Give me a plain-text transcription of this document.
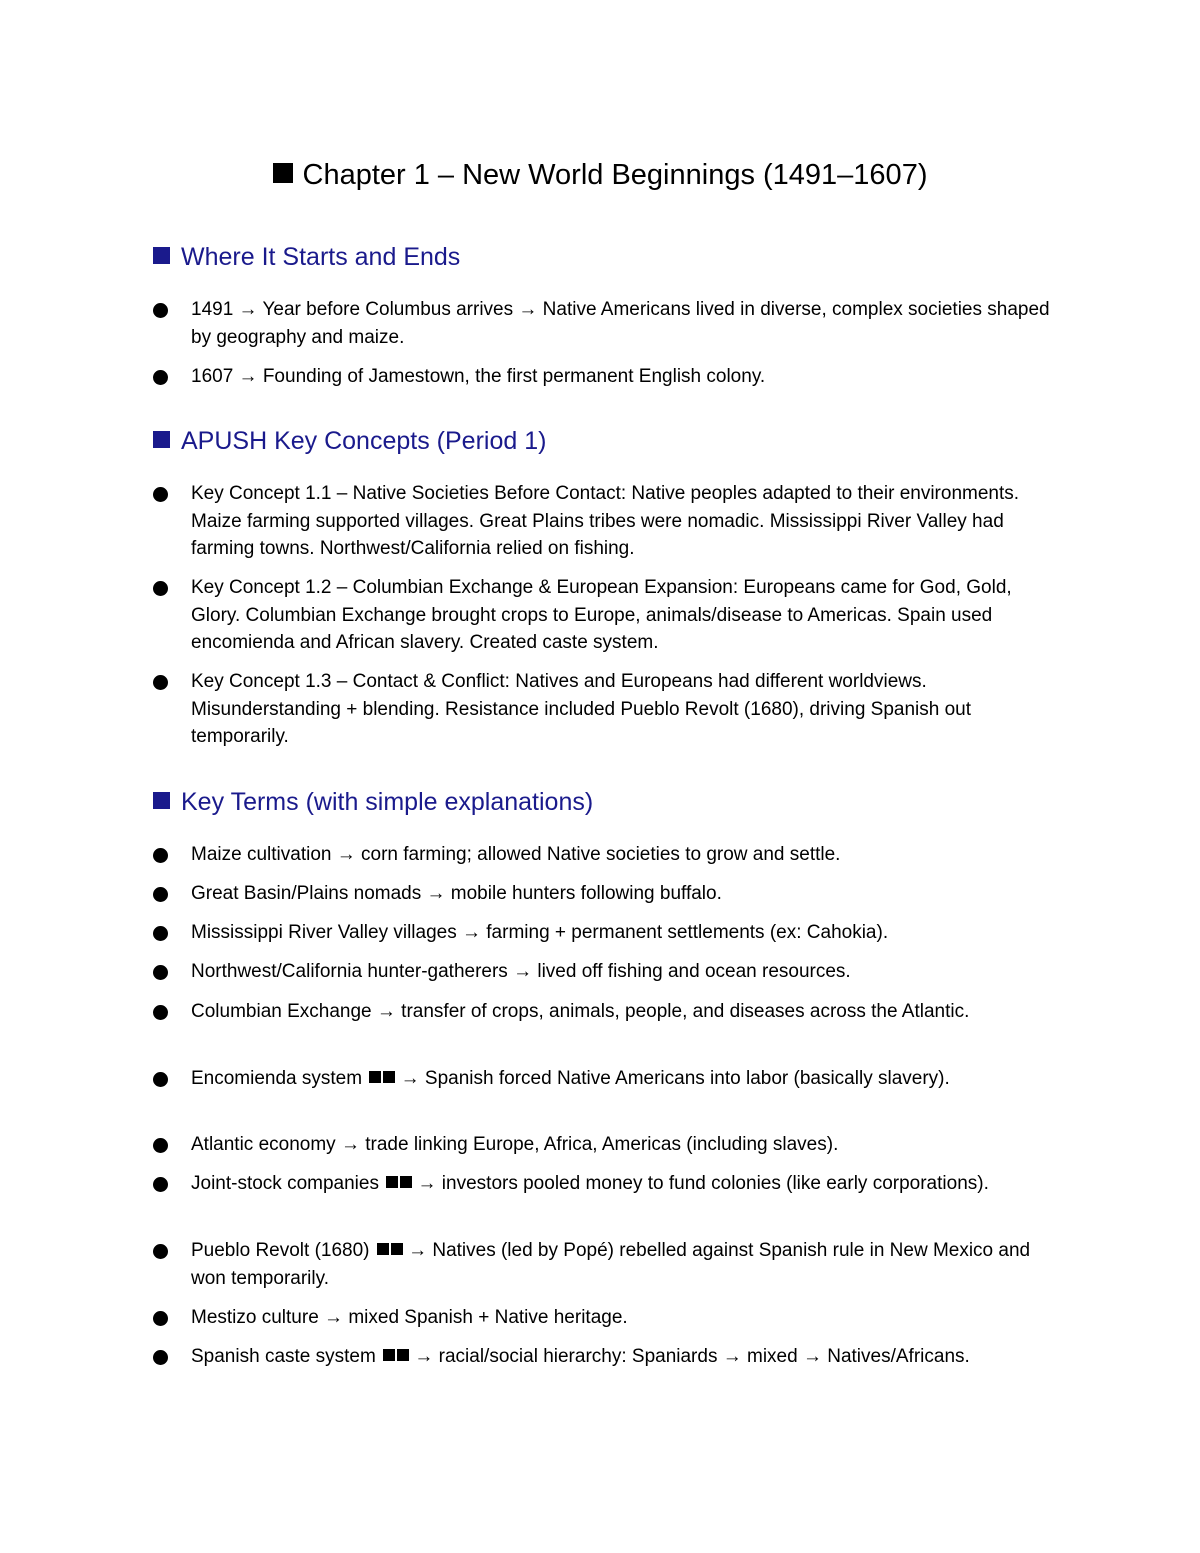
Chapter 1 – New World Beginnings (1491–1607)
Where It Starts and Ends
1491 → Year before Columbus arrives → Native Americans lived in diverse, complex societies shaped by geography and maize.
1607 → Founding of Jamestown, the first permanent English colony.
APUSH Key Concepts (Period 1)
Key Concept 1.1 – Native Societies Before Contact: Native peoples adapted to their environments. Maize farming supported villages. Great Plains tribes were nomadic. Mississippi River Valley had farming towns. Northwest/California relied on fishing.
Key Concept 1.2 – Columbian Exchange & European Expansion: Europeans came for God, Gold, Glory. Columbian Exchange brought crops to Europe, animals/disease to Americas. Spain used encomienda and African slavery. Created caste system.
Key Concept 1.3 – Contact & Conflict: Natives and Europeans had different worldviews. Misunderstanding + blending. Resistance included Pueblo Revolt (1680), driving Spanish out temporarily.
Key Terms (with simple explanations)
Maize cultivation → corn farming; allowed Native societies to grow and settle.
Great Basin/Plains nomads → mobile hunters following buffalo.
Mississippi River Valley villages → farming + permanent settlements (ex: Cahokia).
Northwest/California hunter-gatherers → lived off fishing and ocean resources.
Columbian Exchange → transfer of crops, animals, people, and diseases across the Atlantic.
Encomienda system → Spanish forced Native Americans into labor (basically slavery).
Atlantic economy → trade linking Europe, Africa, Americas (including slaves).
Joint-stock companies → investors pooled money to fund colonies (like early corporations).
Pueblo Revolt (1680) → Natives (led by Popé) rebelled against Spanish rule in New Mexico and won temporarily.
Mestizo culture → mixed Spanish + Native heritage.
Spanish caste system → racial/social hierarchy: Spaniards → mixed → Natives/Africans.
